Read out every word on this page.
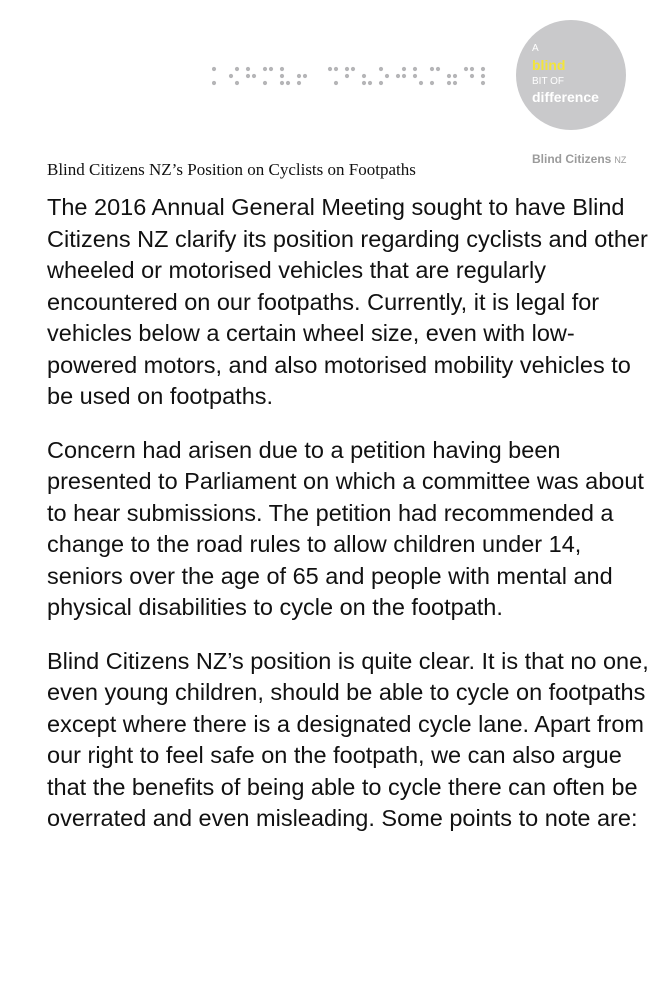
A
blind
BIT OF
difference
Blind Citizens NZ
Blind Citizens NZ’s Position on Cyclists on Footpaths

The 2016 Annual General Meeting sought to have Blind Citizens NZ clarify its position regarding cyclists and other wheeled or motorised vehicles that are regularly encountered on our footpaths. Currently, it is legal for vehicles below a certain wheel size, even with low-powered motors, and also motorised mobility vehicles to be used on footpaths.

Concern had arisen due to a petition having been presented to Parliament on which a committee was about to hear submissions. The petition had recommended a change to the road rules to allow children under 14, seniors over the age of 65 and people with mental and physical disabilities to cycle on the footpath.

Blind Citizens NZ’s position is quite clear. It is that no one, even young children, should be able to cycle on footpaths except where there is a designated cycle lane. Apart from our right to feel safe on the footpath, we can also argue that the benefits of being able to cycle there can often be overrated and even misleading. Some points to note are:
